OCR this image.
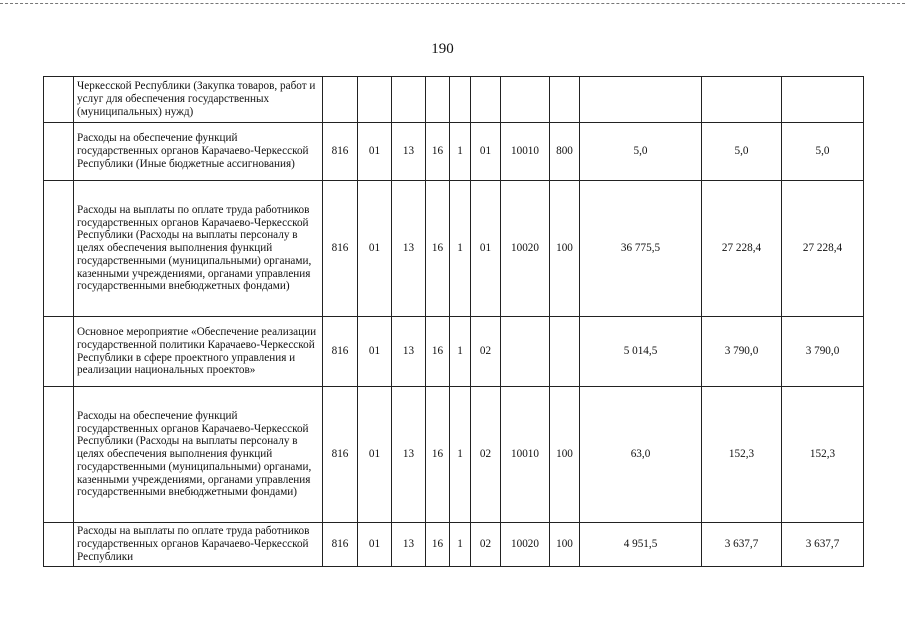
190
	Черкесской Республики (Закупка товаров, работ и услуг для обеспечения государственных (муниципальных) нужд)											
	Расходы на обеспечение функций государственных органов Карачаево-Черкесской Республики (Иные бюджетные ассигнования)	816	01	13	16	1	01	10010	800	5,0	5,0	5,0
	Расходы на выплаты по оплате труда работников государственных органов Карачаево-Черкесской Республики (Расходы на выплаты персоналу в целях обеспечения выполнения функций государственными (муниципальными) органами, казенными учреждениями, органами управления государственными внебюджетных фондами)	816	01	13	16	1	01	10020	100	36 775,5	27 228,4	27 228,4
	Основное мероприятие «Обеспечение реализации государственной политики Карачаево-Черкесской Республики в сфере проектного управления и реализации национальных проектов»	816	01	13	16	1	02			5 014,5	3 790,0	3 790,0
	Расходы на обеспечение функций государственных органов Карачаево-Черкесской Республики (Расходы на выплаты персоналу в целях обеспечения выполнения функций государственными (муниципальными) органами, казенными учреждениями, органами управления государственными внебюджетными фондами)	816	01	13	16	1	02	10010	100	63,0	152,3	152,3
	Расходы на выплаты по оплате труда работников государственных органов Карачаево-Черкесской Республики	816	01	13	16	1	02	10020	100	4 951,5	3 637,7	3 637,7
